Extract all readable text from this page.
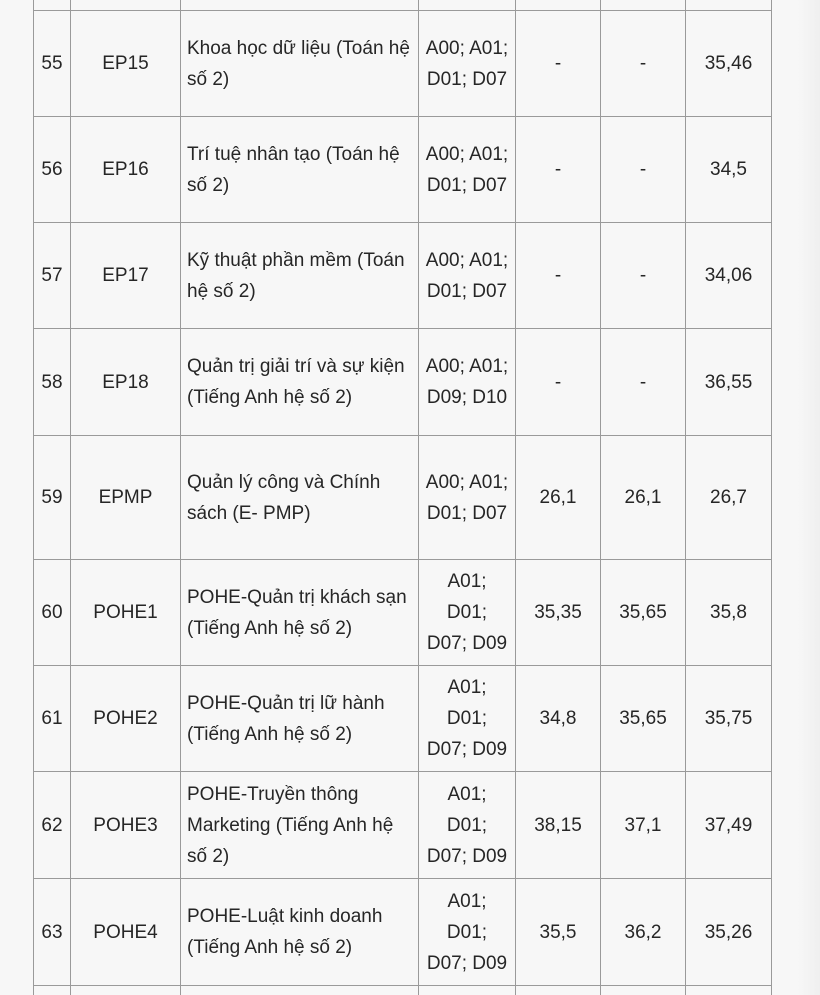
55	EP15	Khoa học dữ liệu (Toán hệ số 2)	A00; A01; D01; D07	-	-	35,46
56	EP16	Trí tuệ nhân tạo (Toán hệ số 2)	A00; A01; D01; D07	-	-	34,5
57	EP17	Kỹ thuật phần mềm (Toán hệ số 2)	A00; A01; D01; D07	-	-	34,06
58	EP18	Quản trị giải trí và sự kiện (Tiếng Anh hệ số 2)	A00; A01; D09; D10	-	-	36,55
59	EPMP	Quản lý công và Chính sách (E- PMP)	A00; A01; D01; D07	26,1	26,1	26,7
60	POHE1	POHE-Quản trị khách sạn (Tiếng Anh hệ số 2)	A01; D01; D07; D09	35,35	35,65	35,8
61	POHE2	POHE-Quản trị lữ hành (Tiếng Anh hệ số 2)	A01; D01; D07; D09	34,8	35,65	35,75
62	POHE3	POHE-Truyền thông Marketing (Tiếng Anh hệ số 2)	A01; D01; D07; D09	38,15	37,1	37,49
63	POHE4	POHE-Luật kinh doanh (Tiếng Anh hệ số 2)	A01; D01; D07; D09	35,5	36,2	35,26
